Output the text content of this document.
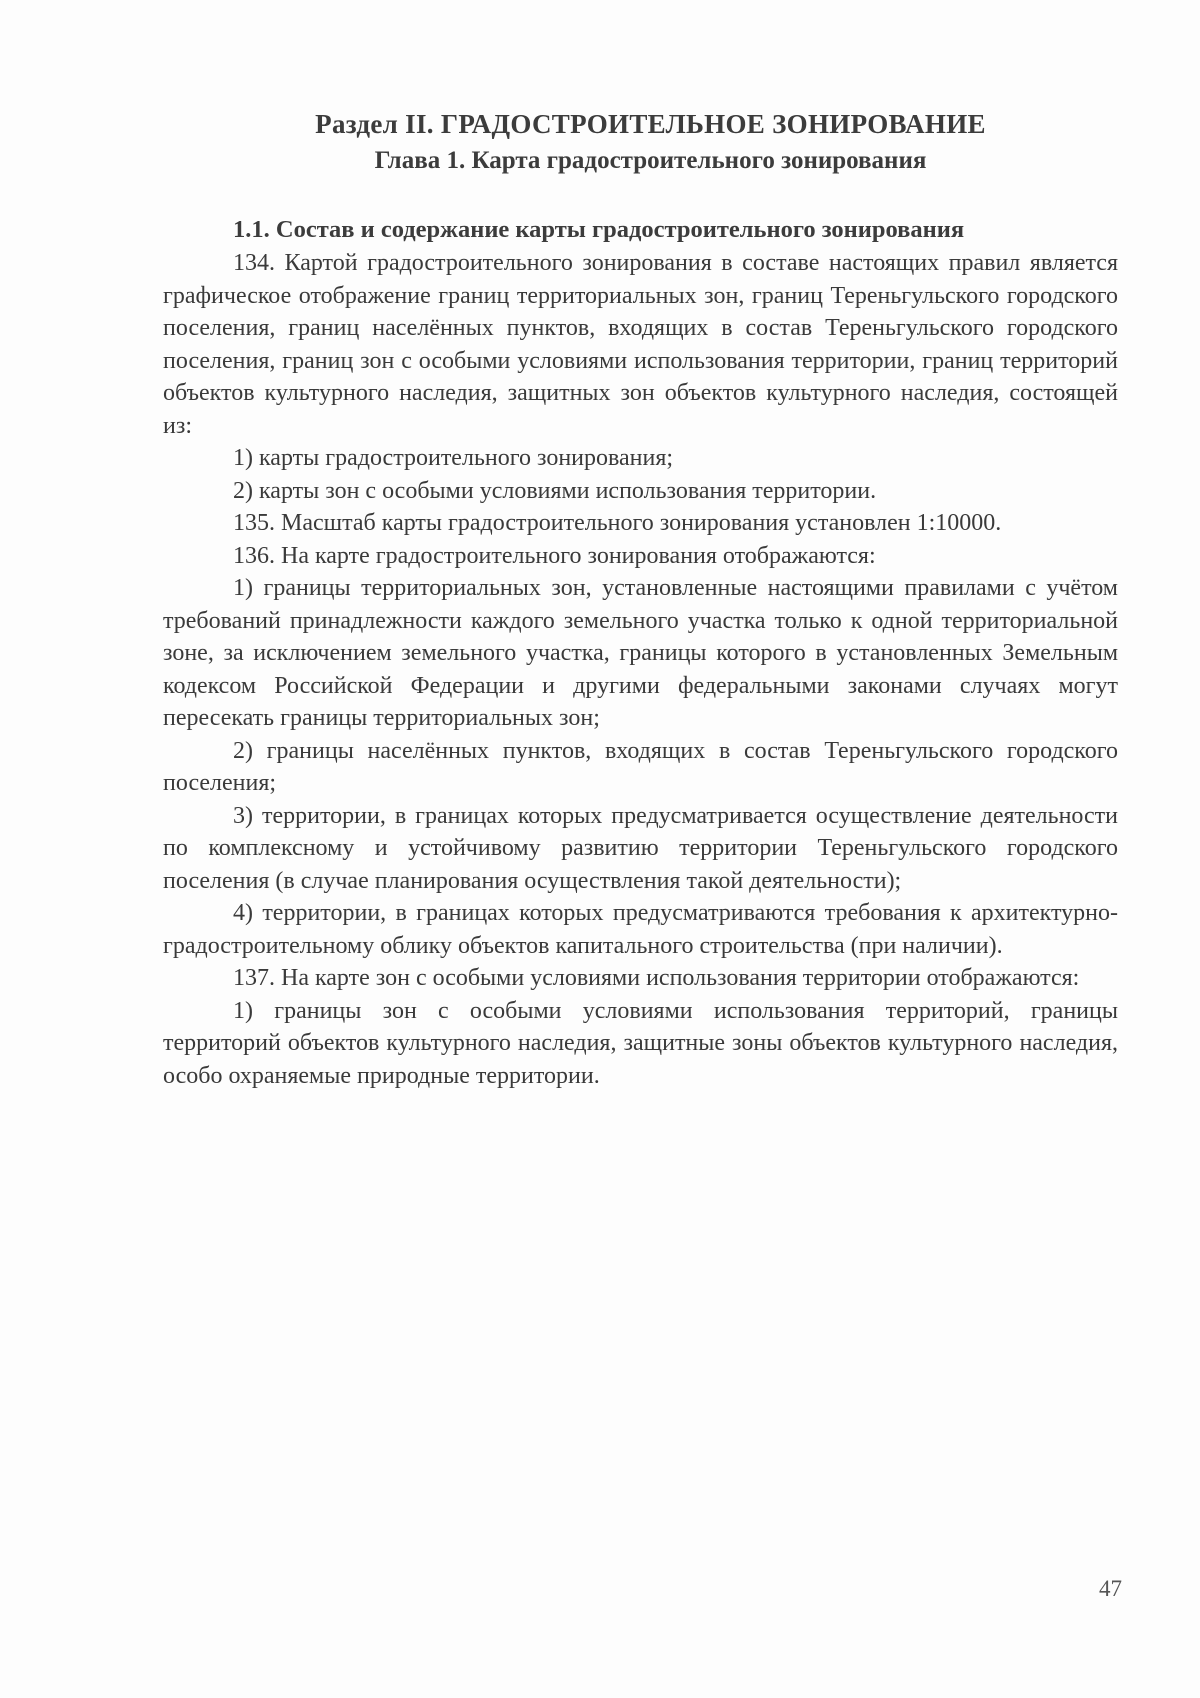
Раздел II. ГРАДОСТРОИТЕЛЬНОЕ ЗОНИРОВАНИЕ
Глава 1. Карта градостроительного зонирования
1.1. Состав и содержание карты градостроительного зонирования

134. Картой градостроительного зонирования в составе настоящих правил является графическое отображение границ территориальных зон, границ Тереньгульского городского поселения, границ населённых пунктов, входящих в состав Тереньгульского городского поселения, границ зон с особыми условиями использования территории, границ территорий объектов культурного наследия, защитных зон объектов культурного наследия, состоящей из:

1) карты градостроительного зонирования;

2) карты зон с особыми условиями использования территории.

135. Масштаб карты градостроительного зонирования установлен 1:10000.

136. На карте градостроительного зонирования отображаются:

1) границы территориальных зон, установленные настоящими правилами с учётом требований принадлежности каждого земельного участка только к одной территориальной зоне, за исключением земельного участка, границы которого в установленных Земельным кодексом Российской Федерации и другими федеральными законами случаях могут пересекать границы территориальных зон;

2) границы населённых пунктов, входящих в состав Тереньгульского городского поселения;

3) территории, в границах которых предусматривается осуществление деятельности по комплексному и устойчивому развитию территории Тереньгульского городского поселения (в случае планирования осуществления такой деятельности);

4) территории, в границах которых предусматриваются требования к архитектурно-градостроительному облику объектов капитального строительства (при наличии).

137. На карте зон с особыми условиями использования территории отображаются:

1) границы зон с особыми условиями использования территорий, границы территорий объектов культурного наследия, защитные зоны объектов культурного наследия, особо охраняемые природные территории.

47
